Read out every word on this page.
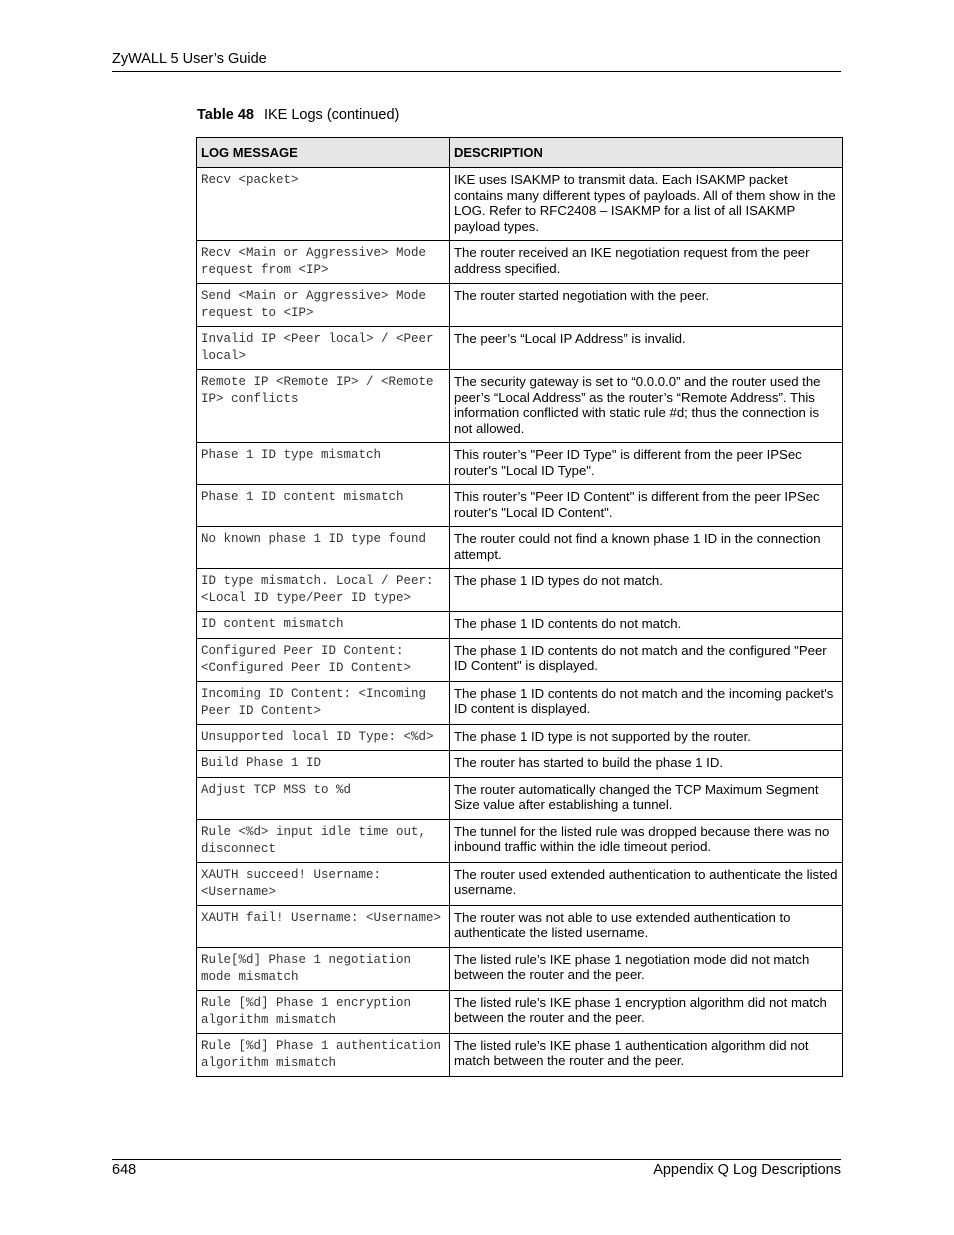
ZyWALL 5 User’s Guide
Table 48 IKE Logs (continued)
LOG MESSAGE	DESCRIPTION
Recv <packet>	IKE uses ISAKMP to transmit data. Each ISAKMP packet contains many different types of payloads. All of them show in the LOG. Refer to RFC2408 – ISAKMP for a list of all ISAKMP payload types.
Recv <Main or Aggressive> Mode request from <IP>	The router received an IKE negotiation request from the peer address specified.
Send <Main or Aggressive> Mode request to <IP>	The router started negotiation with the peer.
Invalid IP <Peer local> / <Peer local>	The peer’s “Local IP Address” is invalid.
Remote IP <Remote IP> / <Remote IP> conflicts	The security gateway is set to “0.0.0.0” and the router used the peer’s “Local Address” as the router’s “Remote Address”. This information conflicted with static rule #d; thus the connection is not allowed.
Phase 1 ID type mismatch	This router’s "Peer ID Type" is different from the peer IPSec router's "Local ID Type".
Phase 1 ID content mismatch	This router’s "Peer ID Content" is different from the peer IPSec router's "Local ID Content".
No known phase 1 ID type found	The router could not find a known phase 1 ID in the connection attempt.
ID type mismatch. Local / Peer: <Local ID type/Peer ID type>	The phase 1 ID types do not match.
ID content mismatch	The phase 1 ID contents do not match.
Configured Peer ID Content: <Configured Peer ID Content>	The phase 1 ID contents do not match and the configured "Peer ID Content" is displayed.
Incoming ID Content: <Incoming Peer ID Content>	The phase 1 ID contents do not match and the incoming packet's ID content is displayed.
Unsupported local ID Type: <%d>	The phase 1 ID type is not supported by the router.
Build Phase 1 ID	The router has started to build the phase 1 ID.
Adjust TCP MSS to %d	The router automatically changed the TCP Maximum Segment Size value after establishing a tunnel.
Rule <%d> input idle time out, disconnect	The tunnel for the listed rule was dropped because there was no inbound traffic within the idle timeout period.
XAUTH succeed! Username: <Username>	The router used extended authentication to authenticate the listed username.
XAUTH fail! Username: <Username>	The router was not able to use extended authentication to authenticate the listed username.
Rule[%d] Phase 1 negotiation mode mismatch	The listed rule’s IKE phase 1 negotiation mode did not match between the router and the peer.
Rule [%d] Phase 1 encryption algorithm mismatch	The listed rule’s IKE phase 1 encryption algorithm did not match between the router and the peer.
Rule [%d] Phase 1 authentication algorithm mismatch	The listed rule’s IKE phase 1 authentication algorithm did not match between the router and the peer.
648	Appendix Q Log Descriptions
